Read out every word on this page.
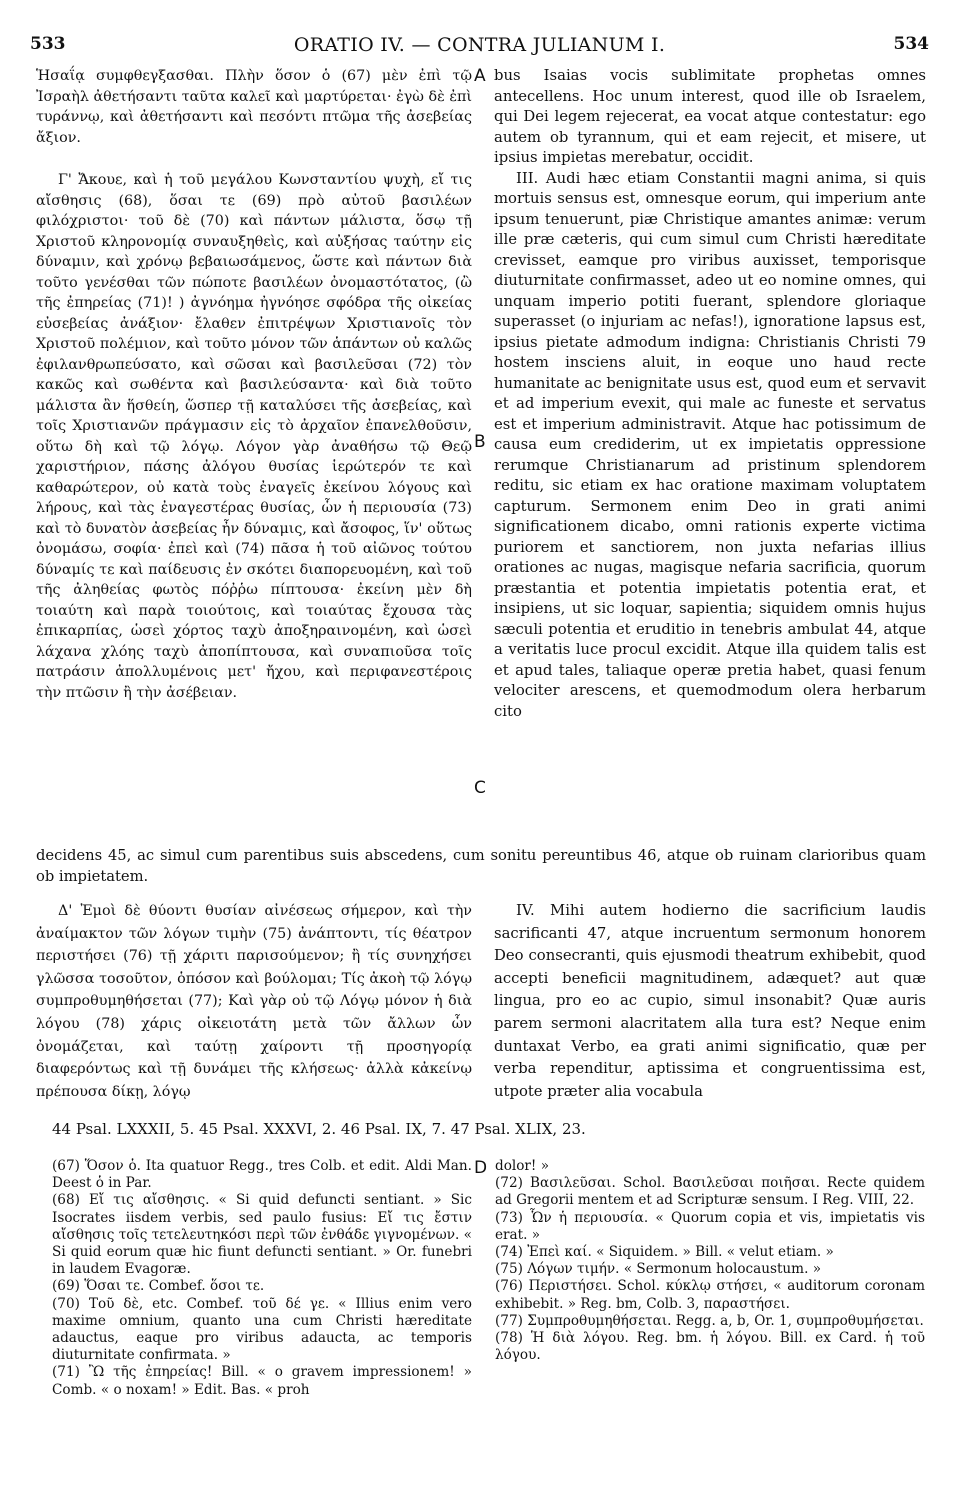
533	ORATIO IV. — CONTRA JULIANUM I.	534
A
B
C
D

Ἡσαΐᾳ συμφθεγξασθαι. Πλὴν ὅσον ὁ (67) μὲν ἐπὶ τῷ Ἰσραὴλ ἀθετήσαντι ταῦτα καλεῖ καὶ μαρτύρεται· ἐγὼ δὲ ἐπὶ τυράννῳ, καὶ ἀθετήσαντι καὶ πεσόντι πτῶμα τῆς ἀσεβείας ἄξιον.

Γ' Ἄκουε, καὶ ἡ τοῦ μεγάλου Κωνσταντίου ψυχὴ, εἴ τις αἴσθησις (68), ὅσαι τε (69) πρὸ αὐτοῦ βασιλέων φιλόχριστοι· τοῦ δὲ (70) καὶ πάντων μάλιστα, ὅσῳ τῇ Χριστοῦ κληρονομίᾳ συναυξηθεὶς, καὶ αὐξήσας ταύτην εἰς δύναμιν, καὶ χρόνῳ βεβαιωσάμενος, ὥστε καὶ πάντων διὰ τοῦτο γενέσθαι τῶν πώποτε βασιλέων ὀνομαστότατος, (ὢ τῆς ἐπηρείας (71)! ) ἀγνόημα ἠγνόησε σφόδρα τῆς οἰκείας εὐσεβείας ἀνάξιον· ἔλαθεν ἐπιτρέψων Χριστιανοῖς τὸν Χριστοῦ πολέμιον, καὶ τοῦτο μόνον τῶν ἁπάντων οὐ καλῶς ἐφιλανθρωπεύσατο, καὶ σῶσαι καὶ βασιλεῦσαι (72) τὸν κακῶς καὶ σωθέντα καὶ βασιλεύσαντα· καὶ διὰ τοῦτο μάλιστα ἂν ἥσθείη, ὥσπερ τῇ καταλύσει τῆς ἀσεβείας, καὶ τοῖς Χριστιανῶν πράγμασιν εἰς τὸ ἀρχαῖον ἐπανελθοῦσιν, οὕτω δὴ καὶ τῷ λόγῳ. Λόγον γὰρ ἀναθήσω τῷ Θεῷ χαριστήριον, πάσης ἀλόγου θυσίας ἱερώτερόν τε καὶ καθαρώτερον, οὐ κατὰ τοὺς ἐναγεῖς ἐκείνου λόγους καὶ λήρους, καὶ τὰς ἐναγεστέρας θυσίας, ὧν ἡ περιουσία (73) καὶ τὸ δυνατὸν ἀσεβείας ἦν δύναμις, καὶ ἄσοφος, ἵν' οὕτως ὀνομάσω, σοφία· ἐπεὶ καὶ (74) πᾶσα ἡ τοῦ αἰῶνος τούτου δύναμίς τε καὶ παίδευσις ἐν σκότει διαπορευομένη, καὶ τοῦ τῆς ἀληθείας φωτὸς πόῤῥω πίπτουσα· ἐκείνη μὲν δὴ τοιαύτη καὶ παρὰ τοιούτοις, καὶ τοιαύτας ἔχουσα τὰς ἐπικαρπίας, ὡσεὶ χόρτος ταχὺ ἀποξηραινομένη, καὶ ὡσεὶ λάχανα χλόης ταχὺ ἀποπίπτουσα, καὶ συναπιοῦσα τοῖς πατράσιν ἀπολλυμένοις μετ' ἤχου, καὶ περιφανεστέροις τὴν πτῶσιν ἢ τὴν ἀσέβειαν.

bus Isaias vocis sublimitate prophetas omnes antecellens. Hoc unum interest, quod ille ob Israelem, qui Dei legem rejecerat, ea vocat atque contestatur: ego autem ob tyrannum, qui et eam rejecit, et misere, ut ipsius impietas merebatur, occidit.

III. Audi hæc etiam Constantii magni anima, si quis mortuis sensus est, omnesque eorum, qui imperium ante ipsum tenuerunt, piæ Christique amantes animæ: verum ille præ cæteris, qui cum simul cum Christi hæreditate crevisset, eamque pro viribus auxisset, temporisque diuturnitate confirmasset, adeo ut eo nomine omnes, qui unquam imperio potiti fuerant, splendore gloriaque superasset (o injuriam ac nefas!), ignoratione lapsus est, ipsius pietate admodum indigna: Christianis Christi 79 hostem insciens aluit, in eoque uno haud recte humanitate ac benignitate usus est, quod eum et servavit et ad imperium evexit, qui male ac funeste et servatus est et imperium administravit. Atque hac potissimum de causa eum crediderim, ut ex impietatis oppressione rerumque Christianarum ad pristinum splendorem reditu, sic etiam ex hac oratione maximam voluptatem capturum. Sermonem enim Deo in grati animi significationem dicabo, omni rationis experte victima puriorem et sanctiorem, non juxta nefarias illius orationes ac nugas, magisque nefaria sacrificia, quorum præstantia et potentia impietatis potentia erat, et insipiens, ut sic loquar, sapientia; siquidem omnis hujus sæculi potentia et eruditio in tenebris ambulat 44, atque a veritatis luce procul excidit. Atque illa quidem talis est et apud tales, taliaque operæ pretia habet, quasi fenum velociter arescens, et quemodmodum olera herbarum cito

decidens 45, ac simul cum parentibus suis abscedens, cum sonitu pereuntibus 46, atque ob ruinam clarioribus quam ob impietatem.

Δ' Ἐμοὶ δὲ θύοντι θυσίαν αἰνέσεως σήμερον, καὶ τὴν ἀναίμακτον τῶν λόγων τιμὴν (75) ἀνάπτοντι, τίς θέατρον περιστήσει (76) τῇ χάριτι παρισούμενον; ἢ τίς συνηχήσει γλῶσσα τοσοῦτον, ὁπόσον καὶ βούλομαι; Τίς ἀκοὴ τῷ λόγῳ συμπροθυμηθήσεται (77); Καὶ γὰρ οὐ τῷ Λόγῳ μόνον ἡ διὰ λόγου (78) χάρις οἰκειοτάτη μετὰ τῶν ἄλλων ὧν ὀνομάζεται, καὶ ταύτῃ χαίροντι τῇ προσηγορίᾳ διαφερόντως καὶ τῇ δυνάμει τῆς κλήσεως· ἀλλὰ κἀκείνῳ πρέπουσα δίκῃ, λόγῳ

IV. Mihi autem hodierno die sacrificium laudis sacrificanti 47, atque incruentum sermonum honorem Deo consecranti, quis ejusmodi theatrum exhibebit, quod accepti beneficii magnitudinem, adæquet? aut quæ lingua, pro eo ac cupio, simul insonabit? Quæ auris parem sermoni alacritatem alla tura est? Neque enim duntaxat Verbo, ea grati animi significatio, quæ per verba rependitur, aptissima et congruentissima est, utpote præter alia vocabula

44 Psal. LXXXII, 5. 45 Psal. XXXVI, 2. 46 Psal. IX, 7. 47 Psal. XLIX, 23.

(67) Ὅσον ὁ. Ita quatuor Regg., tres Colb. et edit. Aldi Man. Deest ὁ in Par.

(68) Εἴ τις αἴσθησις. « Si quid defuncti sentiant. » Sic Isocrates iisdem verbis, sed paulo fusius: Εἴ τις ἔστιν αἴσθησις τοῖς τετελευτηκόσι περὶ τῶν ἐνθάδε γιγνομένων. « Si quid eorum quæ hic fiunt defuncti sentiant. » Or. funebri in laudem Evagoræ.

(69) Ὅσαι τε. Combef. ὅσοι τε.

(70) Τοῦ δὲ, etc. Combef. τοῦ δέ γε. « Illius enim vero maxime omnium, quanto una cum Christi hæreditate adauctus, eaque pro viribus adaucta, ac temporis diuturnitate confirmata. »

(71) Ὢ τῆς ἐπηρείας! Bill. « o gravem impressionem! » Comb. « o noxam! » Edit. Bas. « proh

dolor! »

(72) Βασιλεῦσαι. Schol. Βασιλεῦσαι ποιῆσαι. Recte quidem ad Gregorii mentem et ad Scripturæ sensum. I Reg. VIII, 22.

(73) Ὧν ἡ περιουσία. « Quorum copia et vis, impietatis vis erat. »

(74) Ἐπεὶ καί. « Siquidem. » Bill. « velut etiam. »

(75) Λόγων τιμήν. « Sermonum holocaustum. »

(76) Περιστήσει. Schol. κύκλῳ στήσει, « auditorum coronam exhibebit. » Reg. bm, Colb. 3, παραστήσει.

(77) Συμπροθυμηθήσεται. Regg. a, b, Or. 1, συμπροθυμήσεται.

(78) Ἡ διὰ λόγου. Reg. bm. ἡ λόγου. Bill. ex Card. ἡ τοῦ λόγου.
